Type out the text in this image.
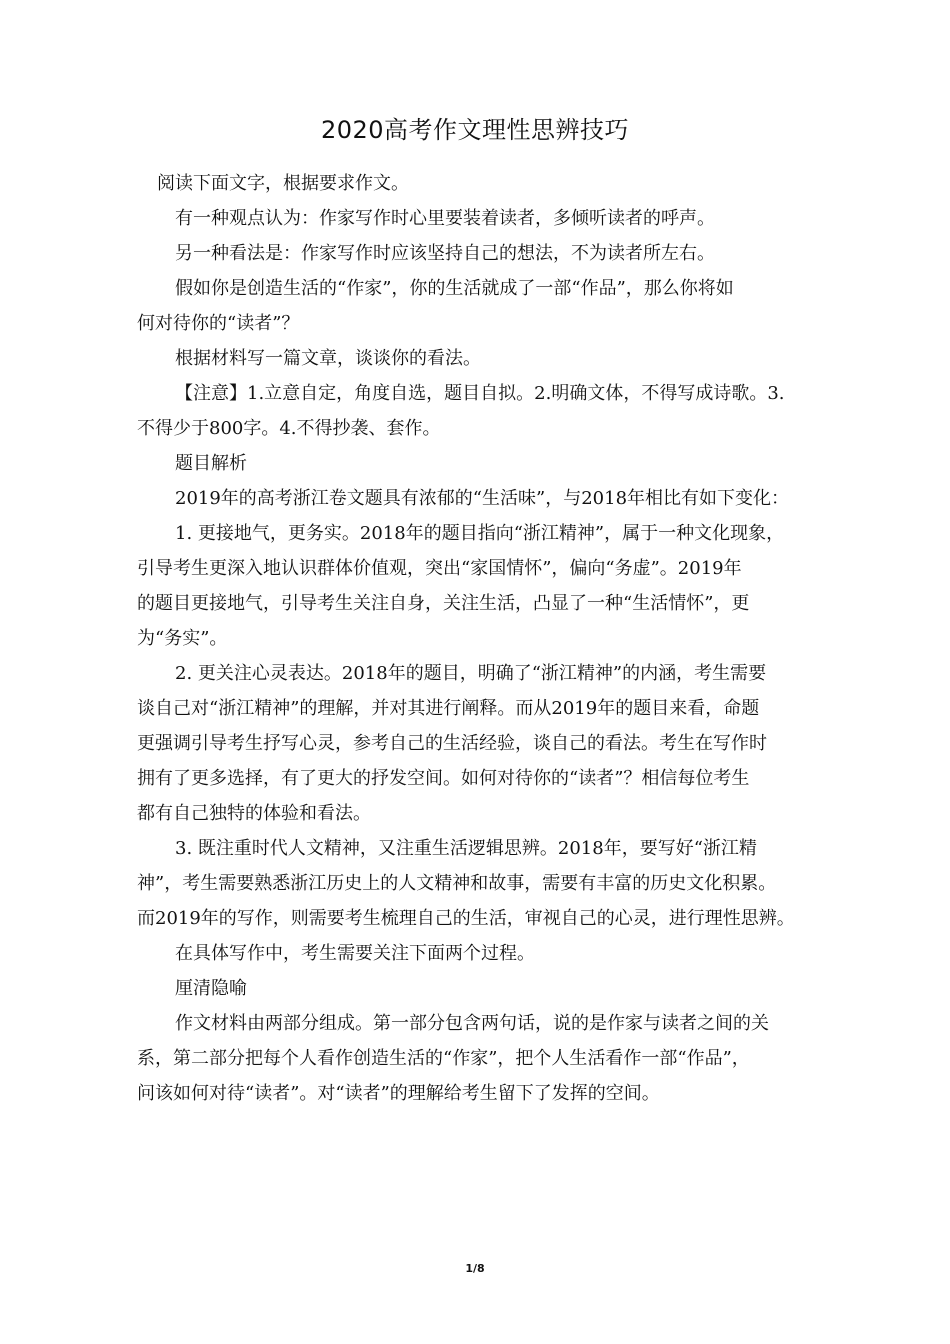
2020高考作文理性思辨技巧
阅读下面文字，根据要求作文。
有一种观点认为：作家写作时心里要装着读者，多倾听读者的呼声。
另一种看法是：作家写作时应该坚持自己的想法，不为读者所左右。
假如你是创造生活的“作家”，你的生活就成了一部“作品”，那么你将如
何对待你的“读者”？
根据材料写一篇文章，谈谈你的看法。
【注意】1.立意自定，角度自选，题目自拟。2.明确文体，不得写成诗歌。3.
不得少于800字。4.不得抄袭、套作。
题目解析
2019年的高考浙江卷文题具有浓郁的“生活味”，与2018年相比有如下变化：
1. 更接地气，更务实。2018年的题目指向“浙江精神”，属于一种文化现象，
引导考生更深入地认识群体价值观，突出“家国情怀”，偏向“务虚”。2019年
的题目更接地气，引导考生关注自身，关注生活，凸显了一种“生活情怀”，更
为“务实”。
2. 更关注心灵表达。2018年的题目，明确了“浙江精神”的内涵，考生需要
谈自己对“浙江精神”的理解，并对其进行阐释。而从2019年的题目来看，命题
更强调引导考生抒写心灵，参考自己的生活经验，谈自己的看法。考生在写作时
拥有了更多选择，有了更大的抒发空间。如何对待你的“读者”？相信每位考生
都有自己独特的体验和看法。
3. 既注重时代人文精神，又注重生活逻辑思辨。2018年，要写好“浙江精
神”，考生需要熟悉浙江历史上的人文精神和故事，需要有丰富的历史文化积累。
而2019年的写作，则需要考生梳理自己的生活，审视自己的心灵，进行理性思辨。
在具体写作中，考生需要关注下面两个过程。
厘清隐喻
作文材料由两部分组成。第一部分包含两句话，说的是作家与读者之间的关
系，第二部分把每个人看作创造生活的“作家”，把个人生活看作一部“作品”，
问该如何对待“读者”。对“读者”的理解给考生留下了发挥的空间。
1/8
